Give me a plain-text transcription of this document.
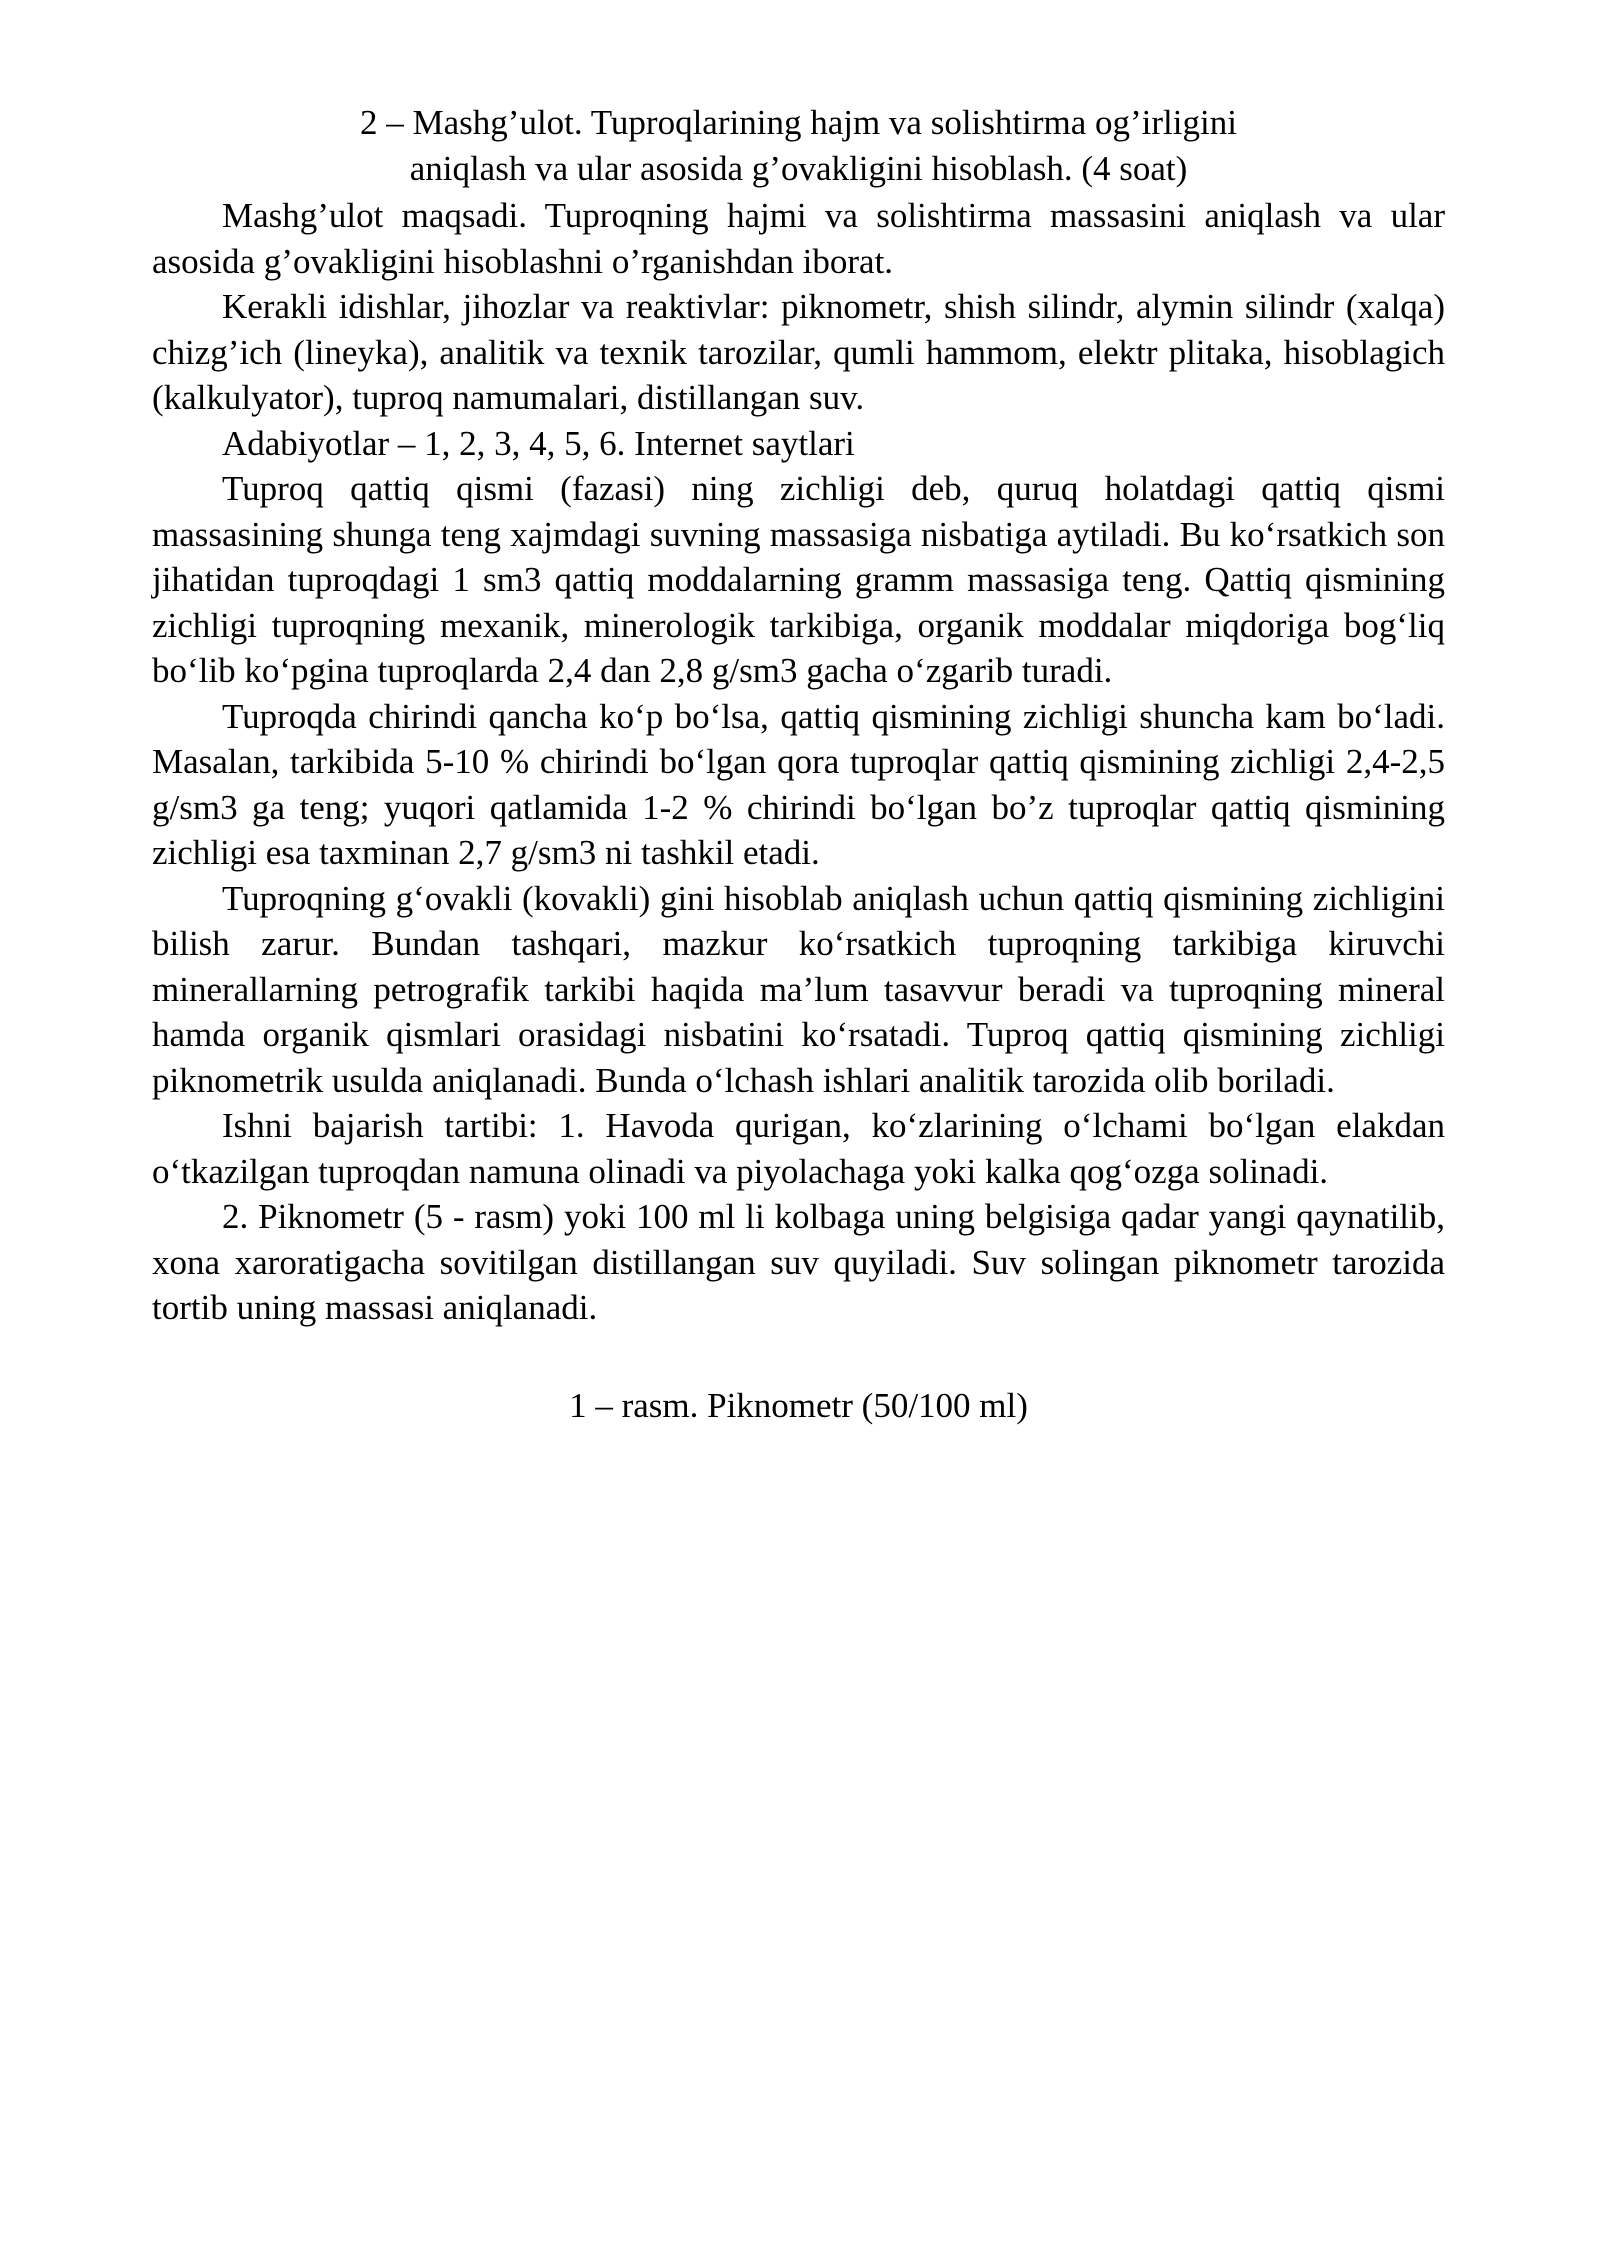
2 – Mashg’ulot. Tuproqlarining hajm va solishtirma og’irligini
aniqlash va ular asosida g’ovakligini hisoblash. (4 soat)

Mashg’ulot maqsadi. Tuproqning hajmi va solishtirma massasini aniqlash va ular asosida g’ovakligini hisoblashni o’rganishdan iborat.

Kerakli idishlar, jihozlar va reaktivlar: piknometr, shish silindr, alymin silindr (xalqa) chizg’ich (lineyka), analitik va texnik tarozilar, qumli hammom, elektr plitaka, hisoblagich (kalkulyator), tuproq namumalari, distillangan suv.

Adabiyotlar – 1, 2, 3, 4, 5, 6. Internet saytlari

Tuproq qattiq qismi (fazasi) ning zichligi deb, quruq holatdagi qattiq qismi massasining shunga teng xajmdagi suvning massasiga nisbatiga aytiladi. Bu koʻrsatkich son jihatidan tuproqdagi 1 sm3 qattiq moddalarning gramm massasiga teng. Qattiq qismining zichligi tuproqning mexanik, minerologik tarkibiga, organik moddalar miqdoriga bogʻliq boʻlib koʻpgina tuproqlarda 2,4 dan 2,8 g/sm3 gacha oʻzgarib turadi.

Tuproqda chirindi qancha koʻp boʻlsa, qattiq qismining zichligi shuncha kam boʻladi. Masalan, tarkibida 5-10 % chirindi boʻlgan qora tuproqlar qattiq qismining zichligi 2,4-2,5 g/sm3 ga teng; yuqori qatlamida 1-2 % chirindi boʻlgan bo’z tuproqlar qattiq qismining zichligi esa taxminan 2,7 g/sm3 ni tashkil etadi.

Tuproqning gʻovakli (kovakli) gini hisoblab aniqlash uchun qattiq qismining zichligini bilish zarur. Bundan tashqari, mazkur koʻrsatkich tuproqning tarkibiga kiruvchi minerallarning petrografik tarkibi haqida ma’lum tasavvur beradi va tuproqning mineral hamda organik qismlari orasidagi nisbatini koʻrsatadi. Tuproq qattiq qismining zichligi piknometrik usulda aniqlanadi. Bunda oʻlchash ishlari analitik tarozida olib boriladi.

Ishni bajarish tartibi: 1. Havoda qurigan, koʻzlarining oʻlchami boʻlgan elakdan oʻtkazilgan tuproqdan namuna olinadi va piyolachaga yoki kalka qogʻozga solinadi.

2. Piknometr (5 - rasm) yoki 100 ml li kolbaga uning belgisiga qadar yangi qaynatilib, xona xaroratigacha sovitilgan distillangan suv quyiladi. Suv solingan piknometr tarozida tortib uning massasi aniqlanadi.

1 – rasm. Piknometr (50/100 ml)
